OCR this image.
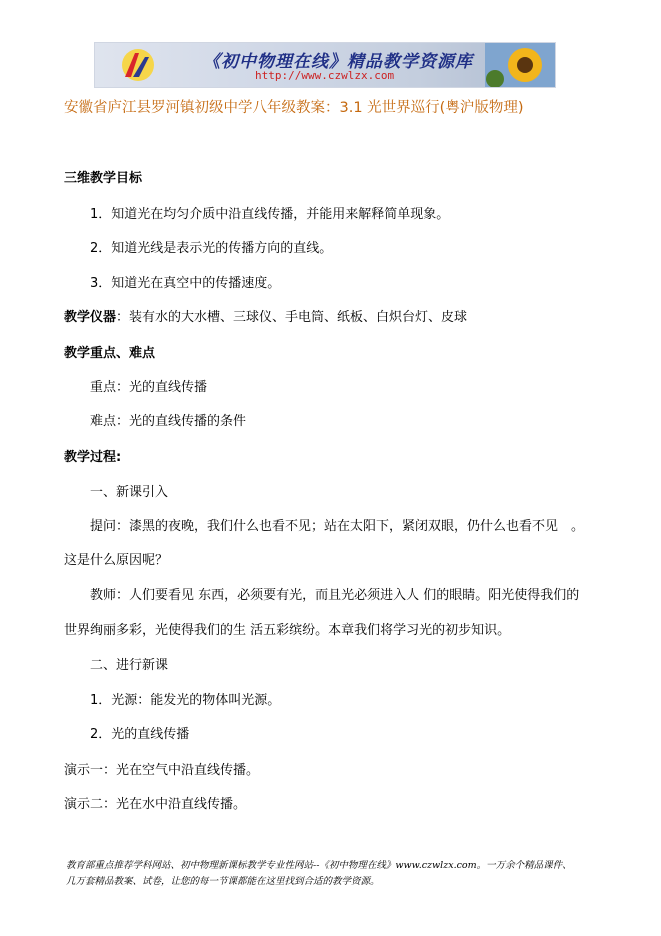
《初中物理在线》精品教学资源库
http://www.czwlzx.com
安徽省庐江县罗河镇初级中学八年级教案：3.1 光世界巡行(粤沪版物理)
三维教学目标
1．知道光在均匀介质中沿直线传播，并能用来解释简单现象。
2．知道光线是表示光的传播方向的直线。
3．知道光在真空中的传播速度。
教学仪器：装有水的大水槽、三球仪、手电筒、纸板、白炽台灯、皮球
教学重点、难点
重点：光的直线传播
难点：光的直线传播的条件
教学过程:
一、新课引入
提问：漆黑的夜晚，我们什么也看不见；站在太阳下，紧闭双眼，仍什么也看不见　。
这是什么原因呢？
教师：人们要看见 东西，必须要有光，而且光必须进入人 们的眼睛。阳光使得我们的
世界绚丽多彩，光使得我们的生 活五彩缤纷。本章我们将学习光的初步知识。
二、进行新课
1．光源：能发光的物体叫光源。
2．光的直线传播
演示一：光在空气中沿直线传播。
演示二：光在水中沿直线传播。
教育部重点推荐学科网站、初中物理新课标教学专业性网站--《初中物理在线》www.czwlzx.com。一万余个精品课件、
几万套精品教案、试卷，让您的每一节课都能在这里找到合适的教学资源。
